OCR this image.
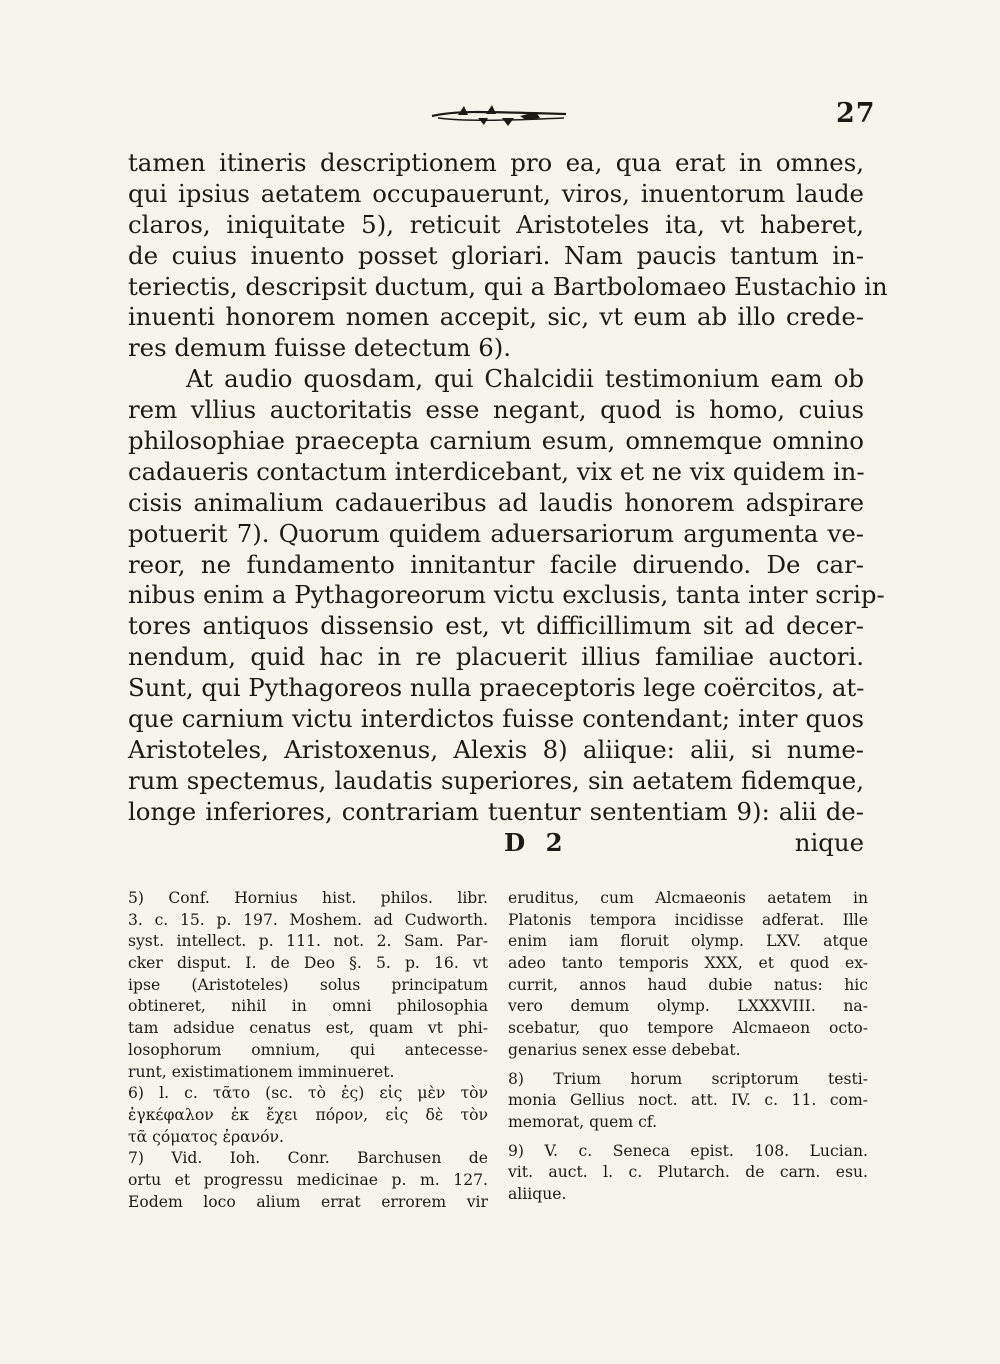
27
tamen itineris descriptionem pro ea, qua erat in omnes,
qui ipsius aetatem occupauerunt, viros, inuentorum laude
claros, iniquitate 5), reticuit Aristoteles ita, vt haberet,
de cuius inuento posset gloriari. Nam paucis tantum in-
teriectis, descripsit ductum, qui a Bartbolomaeo Eustachio in
inuenti honorem nomen accepit, sic, vt eum ab illo crede-
res demum fuisse detectum 6).
At audio quosdam, qui Chalcidii testimonium eam ob
rem vllius auctoritatis esse negant, quod is homo, cuius
philosophiae praecepta carnium esum, omnemque omnino
cadaueris contactum interdicebant, vix et ne vix quidem in-
cisis animalium cadaueribus ad laudis honorem adspirare
potuerit 7). Quorum quidem aduersariorum argumenta ve-
reor, ne fundamento innitantur facile diruendo. De car-
nibus enim a Pythagoreorum victu exclusis, tanta inter scrip-
tores antiquos dissensio est, vt difficillimum sit ad decer-
nendum, quid hac in re placuerit illius familiae auctori.
Sunt, qui Pythagoreos nulla praeceptoris lege coërcitos, at-
que carnium victu interdictos fuisse contendant; inter quos
Aristoteles, Aristoxenus, Alexis 8) aliique: alii, si nume-
rum spectemus, laudatis superiores, sin aetatem fidemque,
longe inferiores, contrariam tuentur sententiam 9): alii de-
D 2	nique
5) Conf. Hornius hist. philos. libr.
3. c. 15. p. 197. Moshem. ad Cudworth.
syst. intellect. p. 111. not. 2. Sam. Par-
cker disput. I. de Deo §. 5. p. 16. vt
ipse (Aristoteles) solus principatum
obtineret, nihil in omni philosophia
tam adsidue cenatus est, quam vt phi-
losophorum omnium, qui antecesse-
runt, existimationem imminueret.
6) l. c. τᾶτο (sc. τὸ ἐς) εἰς μὲν τὸν
ἐγκέφαλον ἐκ ἔχει πόρον, εἰς δὲ τὸν
τᾶ ςόματος ἐρανόν.
7) Vid. Ioh. Conr. Barchusen de
ortu et progressu medicinae p. m. 127.
Eodem loco alium errat errorem vir
eruditus, cum Alcmaeonis aetatem in
Platonis tempora incidisse adferat. Ille
enim iam floruit olymp. LXV. atque
adeo tanto temporis XXX, et quod ex-
currit, annos haud dubie natus: hic
vero demum olymp. LXXXVIII. na-
scebatur, quo tempore Alcmaeon octo-
genarius senex esse debebat.
8) Trium horum scriptorum testi-
monia Gellius noct. att. IV. c. 11. com-
memorat, quem cf.
9) V. c. Seneca epist. 108. Lucian.
vit. auct. l. c. Plutarch. de carn. esu.
aliique.
